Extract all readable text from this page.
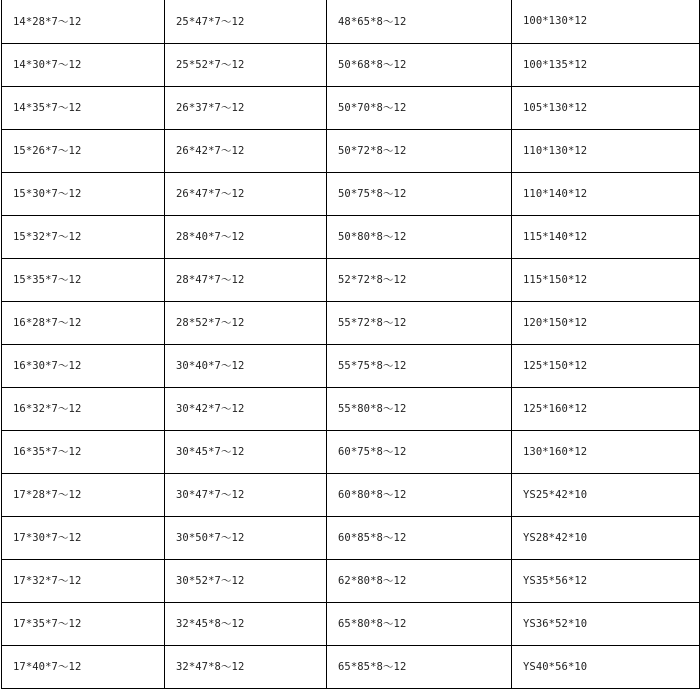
14*28*7～12	25*47*7～12	48*65*8～12	100*130*12
14*30*7～12	25*52*7～12	50*68*8～12	100*135*12
14*35*7～12	26*37*7～12	50*70*8～12	105*130*12
15*26*7～12	26*42*7～12	50*72*8～12	110*130*12
15*30*7～12	26*47*7～12	50*75*8～12	110*140*12
15*32*7～12	28*40*7～12	50*80*8～12	115*140*12
15*35*7～12	28*47*7～12	52*72*8～12	115*150*12
16*28*7～12	28*52*7～12	55*72*8～12	120*150*12
16*30*7～12	30*40*7～12	55*75*8～12	125*150*12
16*32*7～12	30*42*7～12	55*80*8～12	125*160*12
16*35*7～12	30*45*7～12	60*75*8～12	130*160*12
17*28*7～12	30*47*7～12	60*80*8～12	YS25*42*10
17*30*7～12	30*50*7～12	60*85*8～12	YS28*42*10
17*32*7～12	30*52*7～12	62*80*8～12	YS35*56*12
17*35*7～12	32*45*8～12	65*80*8～12	YS36*52*10
17*40*7～12	32*47*8～12	65*85*8～12	YS40*56*10
